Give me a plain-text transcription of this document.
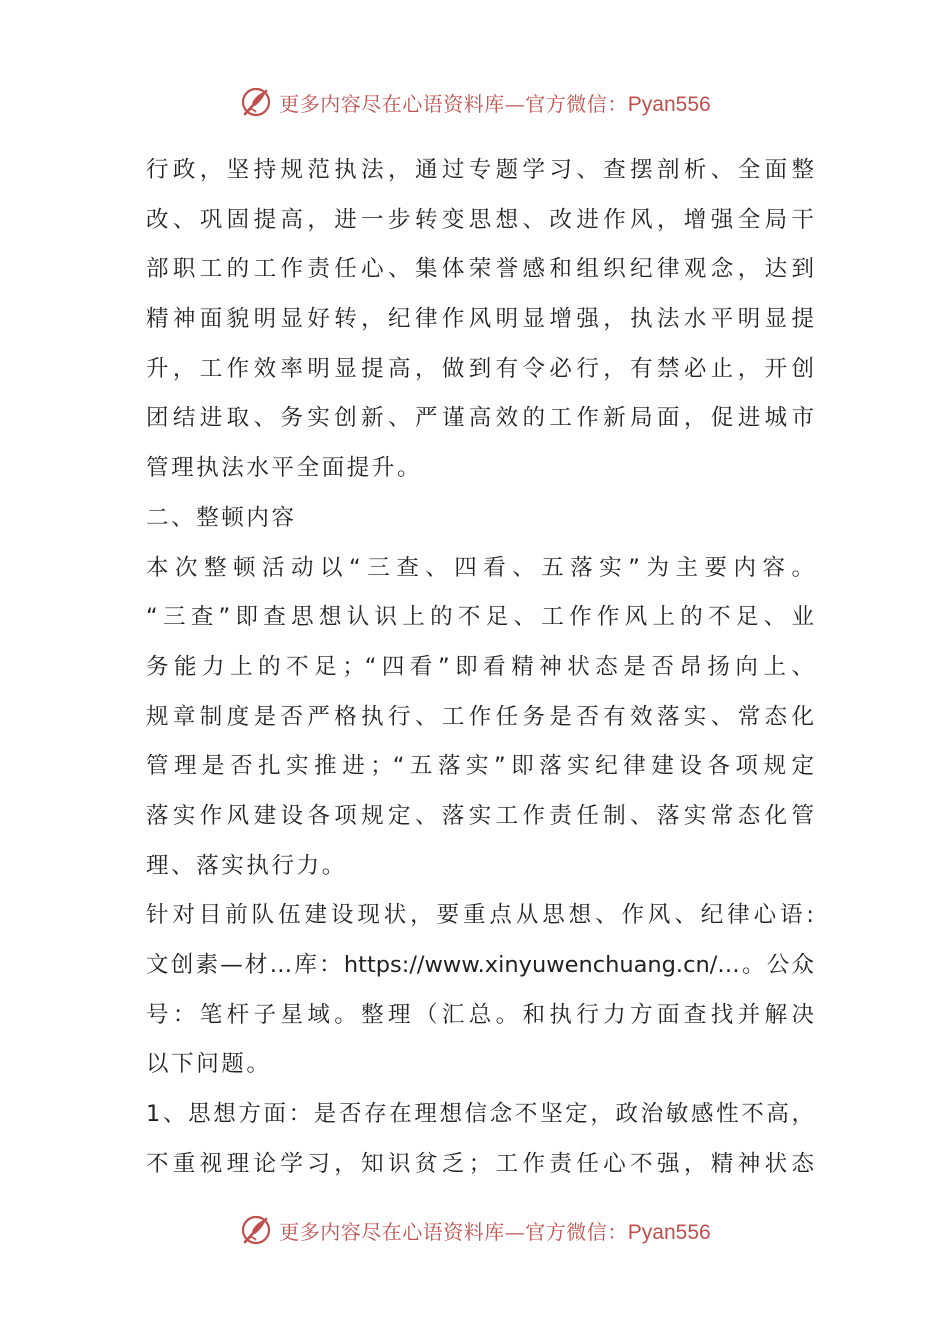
更多内容尽在心语资料库—官方微信：Pyan556
行政，坚持规范执法，通过专题学习、查摆剖析、全面整
改、巩固提高，进一步转变思想、改进作风，增强全局干
部职工的工作责任心、集体荣誉感和组织纪律观念，达到
精神面貌明显好转，纪律作风明显增强，执法水平明显提
升，工作效率明显提高，做到有令必行，有禁必止，开创
团结进取、务实创新、严谨高效的工作新局面，促进城市
管理执法水平全面提升。
二、整顿内容
本次整顿活动以“三查、四看、五落实”为主要内容。
“三查”即查思想认识上的不足、工作作风上的不足、业
务能力上的不足；“四看”即看精神状态是否昂扬向上、
规章制度是否严格执行、工作任务是否有效落实、常态化
管理是否扎实推进；“五落实”即落实纪律建设各项规定
落实作风建设各项规定、落实工作责任制、落实常态化管
理、落实执行力。
针对目前队伍建设现状，要重点从思想、作风、纪律心语:
文创素—材…库：https://www.xinyuwenchuang.cn/…。公众
号：笔杆子星域。整理（汇总。和执行力方面查找并解决
以下问题。
1、思想方面：是否存在理想信念不坚定，政治敏感性不高，
不重视理论学习，知识贫乏；工作责任心不强，精神状态
更多内容尽在心语资料库—官方微信：Pyan556
